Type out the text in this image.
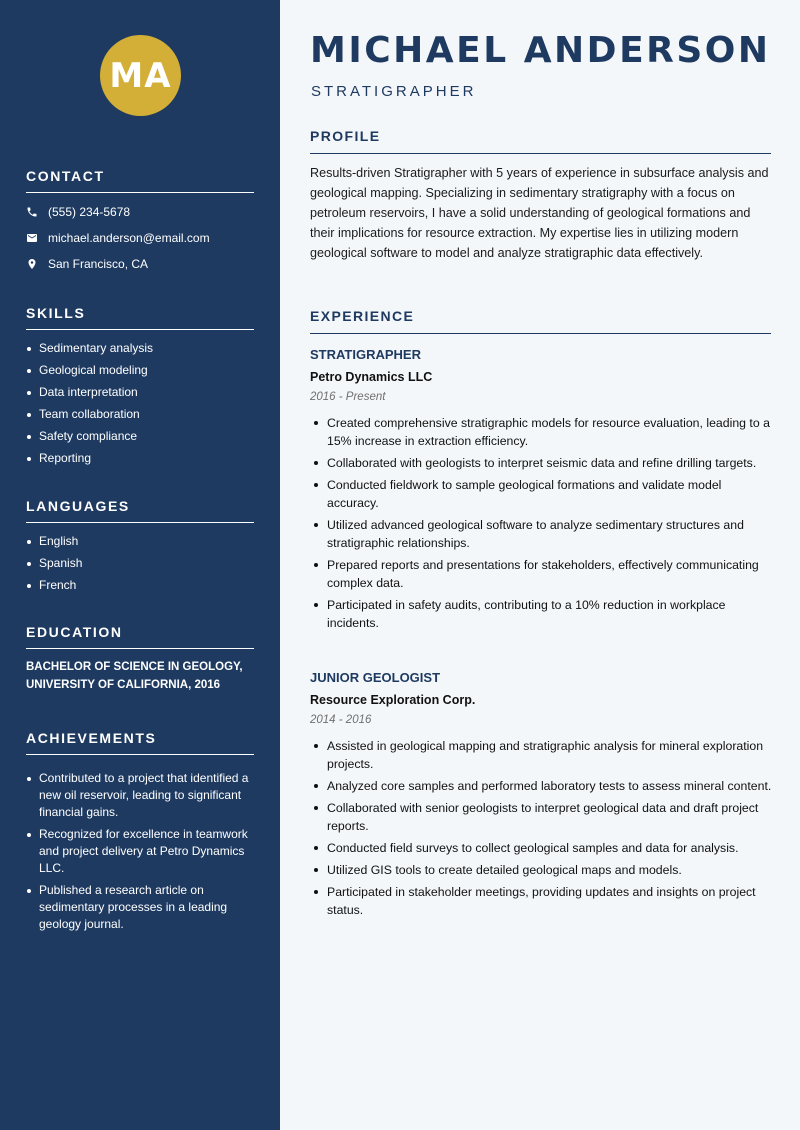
MA
CONTACT
(555) 234-5678
michael.anderson@email.com
San Francisco, CA
SKILLS
Sedimentary analysis
Geological modeling
Data interpretation
Team collaboration
Safety compliance
Reporting
LANGUAGES
English
Spanish
French
EDUCATION
BACHELOR OF SCIENCE IN GEOLOGY, UNIVERSITY OF CALIFORNIA, 2016
ACHIEVEMENTS
Contributed to a project that identified a new oil reservoir, leading to significant financial gains.
Recognized for excellence in teamwork and project delivery at Petro Dynamics LLC.
Published a research article on sedimentary processes in a leading geology journal.
MICHAEL ANDERSON
STRATIGRAPHER
PROFILE

Results-driven Stratigrapher with 5 years of experience in subsurface analysis and geological mapping. Specializing in sedimentary stratigraphy with a focus on petroleum reservoirs, I have a solid understanding of geological formations and their implications for resource extraction. My expertise lies in utilizing modern geological software to model and analyze stratigraphic data effectively.

EXPERIENCE
STRATIGRAPHER
Petro Dynamics LLC
2016 - Present
Created comprehensive stratigraphic models for resource evaluation, leading to a 15% increase in extraction efficiency.
Collaborated with geologists to interpret seismic data and refine drilling targets.
Conducted fieldwork to sample geological formations and validate model accuracy.
Utilized advanced geological software to analyze sedimentary structures and stratigraphic relationships.
Prepared reports and presentations for stakeholders, effectively communicating complex data.
Participated in safety audits, contributing to a 10% reduction in workplace incidents.
JUNIOR GEOLOGIST
Resource Exploration Corp.
2014 - 2016
Assisted in geological mapping and stratigraphic analysis for mineral exploration projects.
Analyzed core samples and performed laboratory tests to assess mineral content.
Collaborated with senior geologists to interpret geological data and draft project reports.
Conducted field surveys to collect geological samples and data for analysis.
Utilized GIS tools to create detailed geological maps and models.
Participated in stakeholder meetings, providing updates and insights on project status.
